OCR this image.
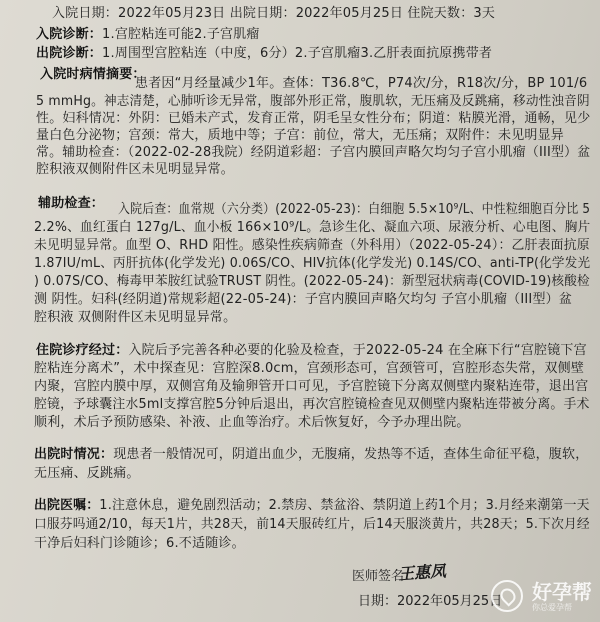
入院日期：2022年05月23日 出院日期：2022年05月25日 住院天数：3天
入院诊断：1.宫腔粘连可能2.子宫肌瘤
出院诊断：1.周围型宫腔粘连（中度，6分）2.子宫肌瘤3.乙肝表面抗原携带者
入院时病情摘要：
患者因“月经量减少1年。查体：T36.8℃，P74次/分，R18次/分，BP 101/6
5 mmHg。神志清楚，心肺听诊无异常，腹部外形正常，腹肌软，无压痛及反跳痛，移动性浊音阴
性。妇科情况：外阴：已婚未产式，发育正常，阴毛呈女性分布；阴道：粘膜光滑，通畅，见少
量白色分泌物；宫颈：常大，质地中等；子宫：前位，常大，无压痛；双附件：未见明显异
常。辅助检查：（2022-02-28我院）经阴道彩超：子宫内膜回声略欠均匀子宫小肌瘤（III型）盆
腔积液双侧附件区未见明显异常。
辅助检查： 入院后查：血常规（六分类）(2022-05-23)：白细胞 5.5×10⁹/L、中性粒细胞百分比 5
2.2%、血红蛋白 127g/L、血小板 166×10⁹/L。急诊生化、凝血六项、尿液分析、心电图、胸片
未见明显异常。血型 O、RHD 阳性。感染性疾病筛查（外科用）（2022-05-24）：乙肝表面抗原
1.87IU/mL、丙肝抗体(化学发光) 0.06S/CO、HIV抗体(化学发光) 0.14S/CO、anti-TP(化学发光
) 0.07S/CO、梅毒甲苯胺红试验TRUST 阴性。(2022-05-24)：新型冠状病毒(COVID-19)核酸检
测 阴性。妇科(经阴道)常规彩超(22-05-24)：子宫内膜回声略欠均匀 子宫小肌瘤（III型）盆
腔积液 双侧附件区未见明显异常。
住院诊疗经过：入院后予完善各种必要的化验及检查，于2022-05-24 在全麻下行“宫腔镜下宫
腔粘连分离术”，术中探查见：宫腔深8.0cm，宫颈形态可，宫颈管可，宫腔形态失常，双侧壁
内聚，宫腔内膜中厚，双侧宫角及输卵管开口可见，予宫腔镜下分离双侧壁内聚粘连带，退出宫
腔镜，予球囊注水5ml支撑宫腔5分钟后退出，再次宫腔镜检查见双侧壁内聚粘连带被分离。手术
顺利，术后予预防感染、补液、止血等治疗。术后恢复好，今予办理出院。
出院时情况：现患者一般情况可，阴道出血少，无腹痛，发热等不适，查体生命征平稳，腹软，
无压痛、反跳痛。
出院医嘱：1.注意休息，避免剧烈活动；2.禁房、禁盆浴、禁阴道上药1个月；3.月经来潮第一天
口服芬吗通2/10，每天1片，共28天，前14天服砖红片，后14天服淡黄片，共28天；5.下次月经
干净后妇科门诊随诊；6.不适随诊。
医师签名：
王惠凤
日期：2022年05月25日
好孕帮
你总爱孕帮
